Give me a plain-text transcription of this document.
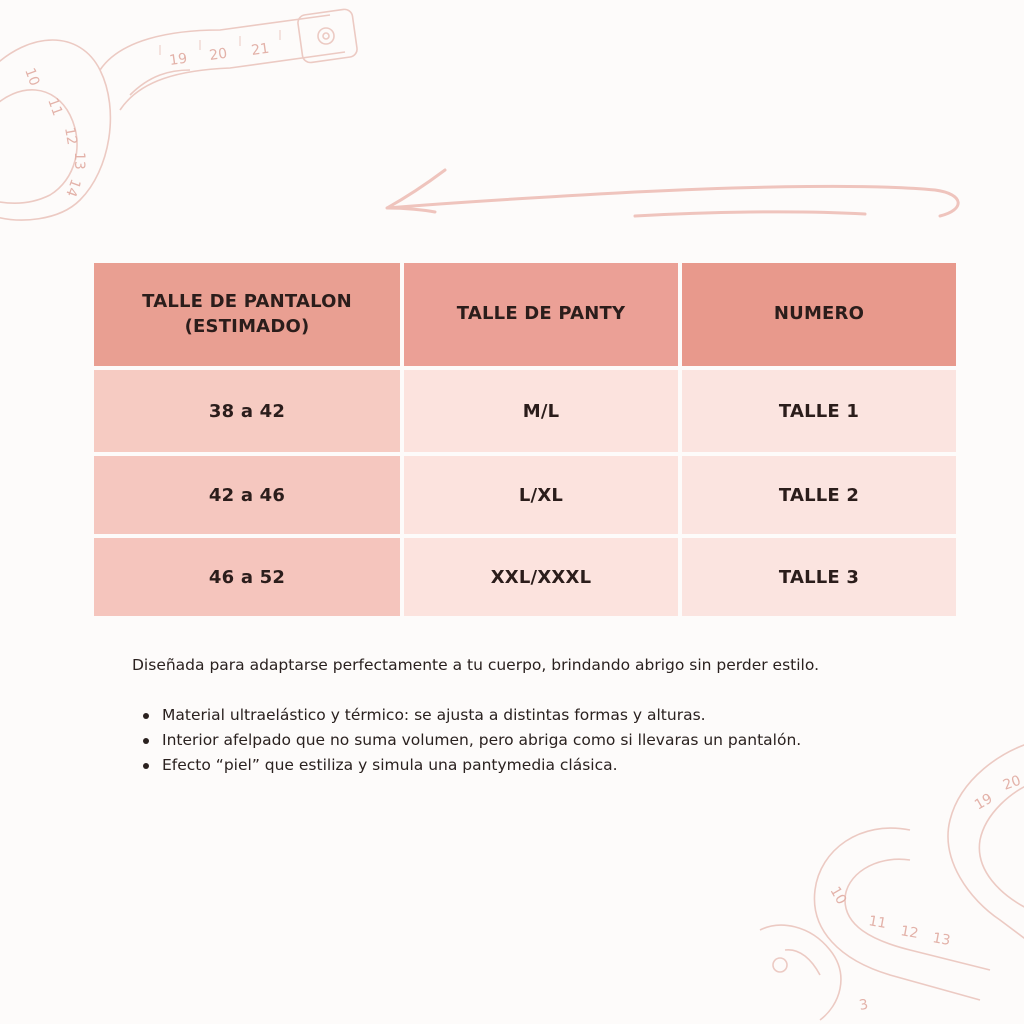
19 20 21
10
11
12
13
14
20
19
10
11
12 13
3
TALLE DE PANTALON
(ESTIMADO)	TALLE DE PANTY	NUMERO
38 a 42	M/L	TALLE 1
42 a 46	L/XL	TALLE 2
46 a 52	XXL/XXXL	TALLE 3

Diseñada para adaptarse perfectamente a tu cuerpo, brindando abrigo sin perder estilo.

Material ultraelástico y térmico: se ajusta a distintas formas y alturas.
Interior afelpado que no suma volumen, pero abriga como si llevaras un pantalón.
Efecto “piel” que estiliza y simula una pantymedia clásica.
